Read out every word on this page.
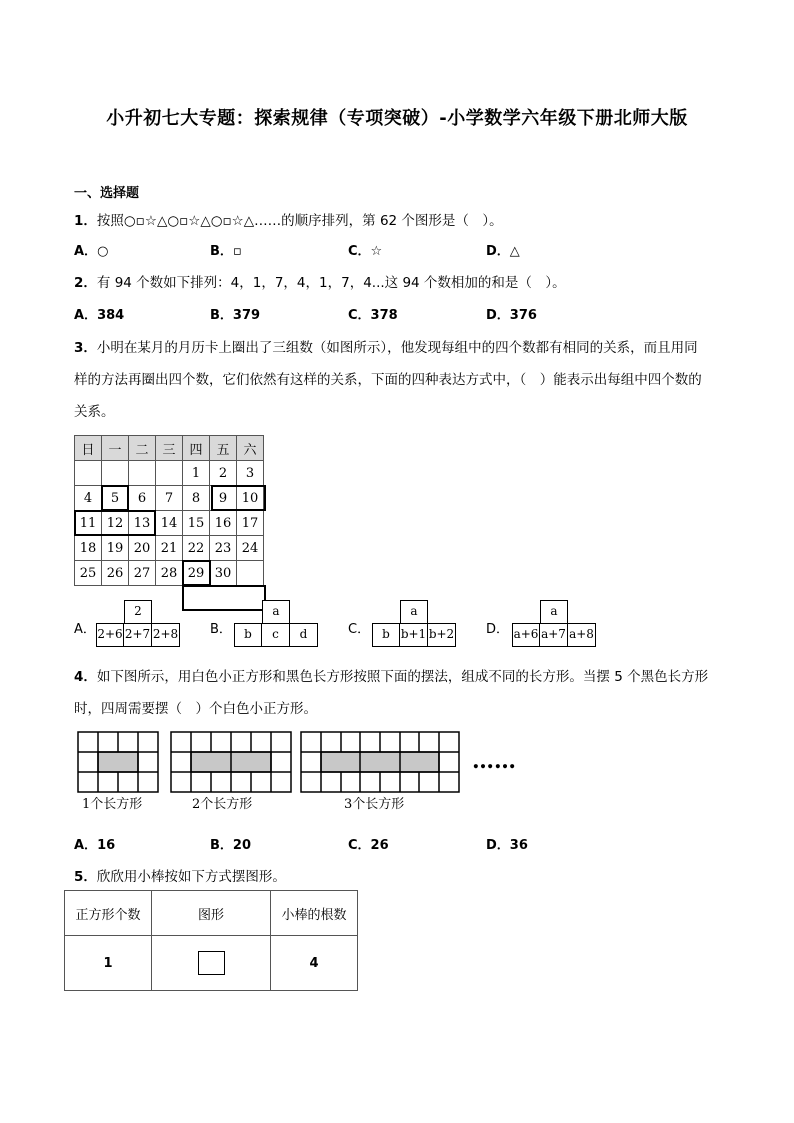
小升初七大专题：探索规律（专项突破）-小学数学六年级下册北师大版
一、选择题
1．按照○▫☆△○▫☆△○▫☆△……的顺序排列，第 62 个图形是（　）。
A．○	B．▫	C．☆	D．△
2．有 94 个数如下排列：4，1，7，4，1，7，4...这 94 个数相加的和是（　）。
A．384	B．379	C．378	D．376
3．小明在某月的月历卡上圈出了三组数（如图所示），他发现每组中的四个数都有相同的关系，而且用同
样的方法再圈出四个数，它们依然有这样的关系，下面的四种表达方式中，（　）能表示出每组中四个数的
关系。
日	一	二	三	四	五	六
				1	2	3
4	5	6	7	8	9	10
11	12	13	14	15	16	17
18	19	20	21	22	23	24
25	26	27	28	29	30	
A．
2
2+6 2+7 2+8 B．
a
b	c	d	C．
a
b b+1 b+2 D．
a
a+6 a+7 a+8
4．如下图所示，用白色小正方形和黑色长方形按照下面的摆法，组成不同的长方形。当摆 5 个黑色长方形
时，四周需要摆（　）个白色小正方形。
……
1个长方形	2个长方形	3个长方形
A．16	B．20	C．26	D．36
5．欣欣用小棒按如下方式摆图形。
正方形个数	图形	小棒的根数
1		4
